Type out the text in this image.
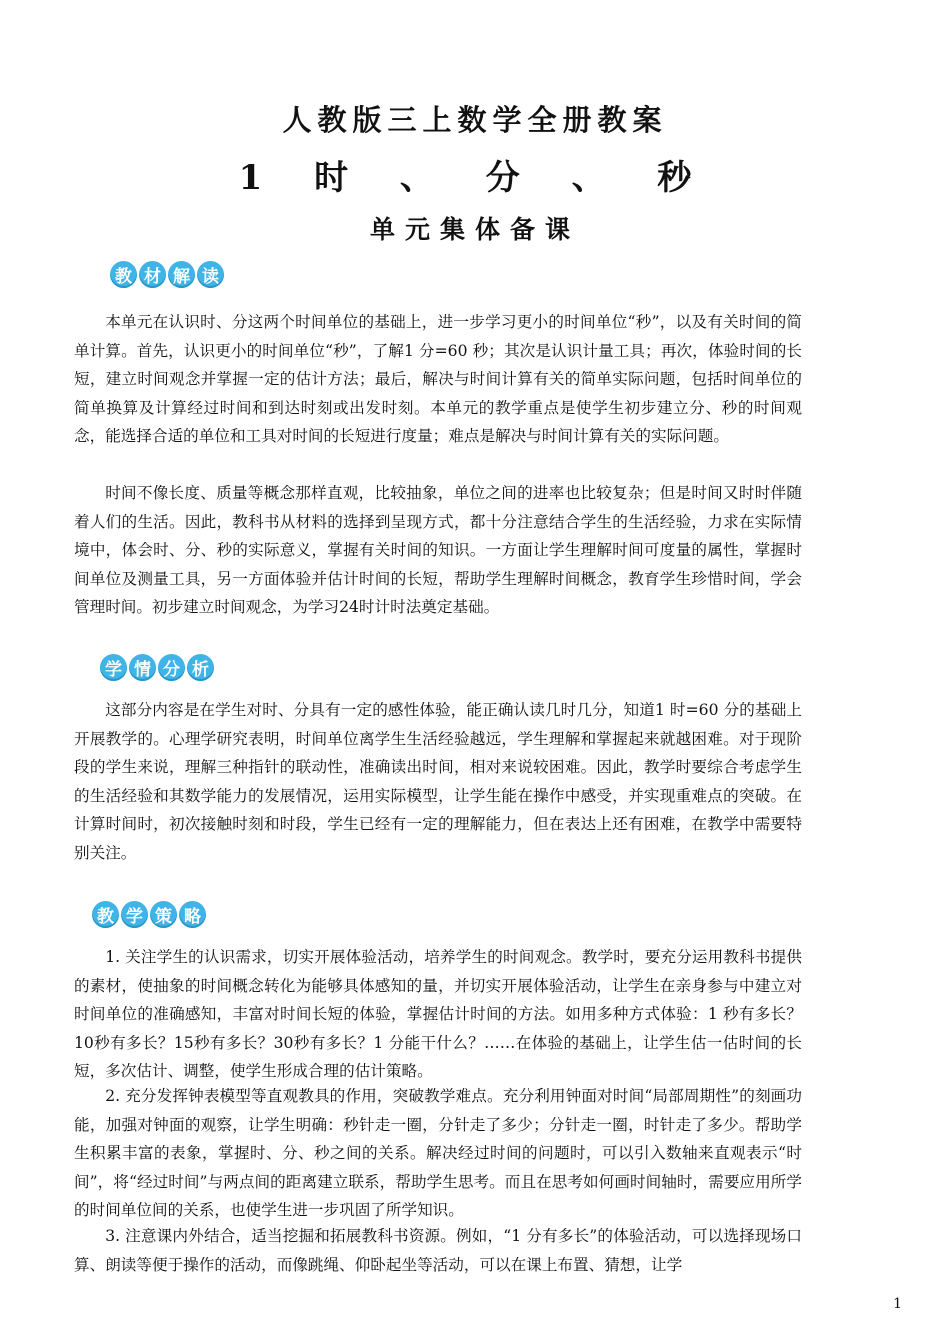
人教版三上数学全册教案
1 时 、 分 、 秒
单元集体备课
教 材 解 读

本单元在认识时、分这两个时间单位的基础上，进一步学习更小的时间单位“秒”，以及有关时间的简单计算。首先，认识更小的时间单位“秒”，了解1 分=60 秒；其次是认识计量工具；再次，体验时间的长短，建立时间观念并掌握一定的估计方法；最后，解决与时间计算有关的简单实际问题，包括时间单位的简单换算及计算经过时间和到达时刻或出发时刻。本单元的教学重点是使学生初步建立分、秒的时间观念，能选择合适的单位和工具对时间的长短进行度量；难点是解决与时间计算有关的实际问题。

时间不像长度、质量等概念那样直观，比较抽象，单位之间的进率也比较复杂；但是时间又时时伴随着人们的生活。因此，教科书从材料的选择到呈现方式，都十分注意结合学生的生活经验，力求在实际情境中，体会时、分、秒的实际意义，掌握有关时间的知识。一方面让学生理解时间可度量的属性，掌握时间单位及测量工具，另一方面体验并估计时间的长短，帮助学生理解时间概念，教育学生珍惜时间，学会管理时间。初步建立时间观念，为学习24时计时法奠定基础。

学 情 分 析

这部分内容是在学生对时、分具有一定的感性体验，能正确认读几时几分，知道1 时=60 分的基础上开展教学的。心理学研究表明，时间单位离学生生活经验越远，学生理解和掌握起来就越困难。对于现阶段的学生来说，理解三种指针的联动性，准确读出时间，相对来说较困难。因此，教学时要综合考虑学生的生活经验和其数学能力的发展情况，运用实际模型，让学生能在操作中感受，并实现重难点的突破。在计算时间时，初次接触时刻和时段，学生已经有一定的理解能力，但在表达上还有困难，在教学中需要特别关注。

教 学 策 略

1. 关注学生的认识需求，切实开展体验活动，培养学生的时间观念。教学时，要充分运用教科书提供的素材，使抽象的时间概念转化为能够具体感知的量，并切实开展体验活动，让学生在亲身参与中建立对时间单位的准确感知，丰富对时间长短的体验，掌握估计时间的方法。如用多种方式体验：1 秒有多长？10秒有多长？15秒有多长？30秒有多长？1 分能干什么？……在体验的基础上，让学生估一估时间的长短，多次估计、调整，使学生形成合理的估计策略。

2. 充分发挥钟表模型等直观教具的作用，突破教学难点。充分利用钟面对时间“局部周期性”的刻画功能，加强对钟面的观察，让学生明确：秒针走一圈，分针走了多少；分针走一圈，时针走了多少。帮助学生积累丰富的表象，掌握时、分、秒之间的关系。解决经过时间的问题时，可以引入数轴来直观表示“时间”，将“经过时间”与两点间的距离建立联系，帮助学生思考。而且在思考如何画时间轴时，需要应用所学的时间单位间的关系，也使学生进一步巩固了所学知识。

3. 注意课内外结合，适当挖掘和拓展教科书资源。例如，“1 分有多长”的体验活动，可以选择现场口算、朗读等便于操作的活动，而像跳绳、仰卧起坐等活动，可以在课上布置、猜想，让学

1
